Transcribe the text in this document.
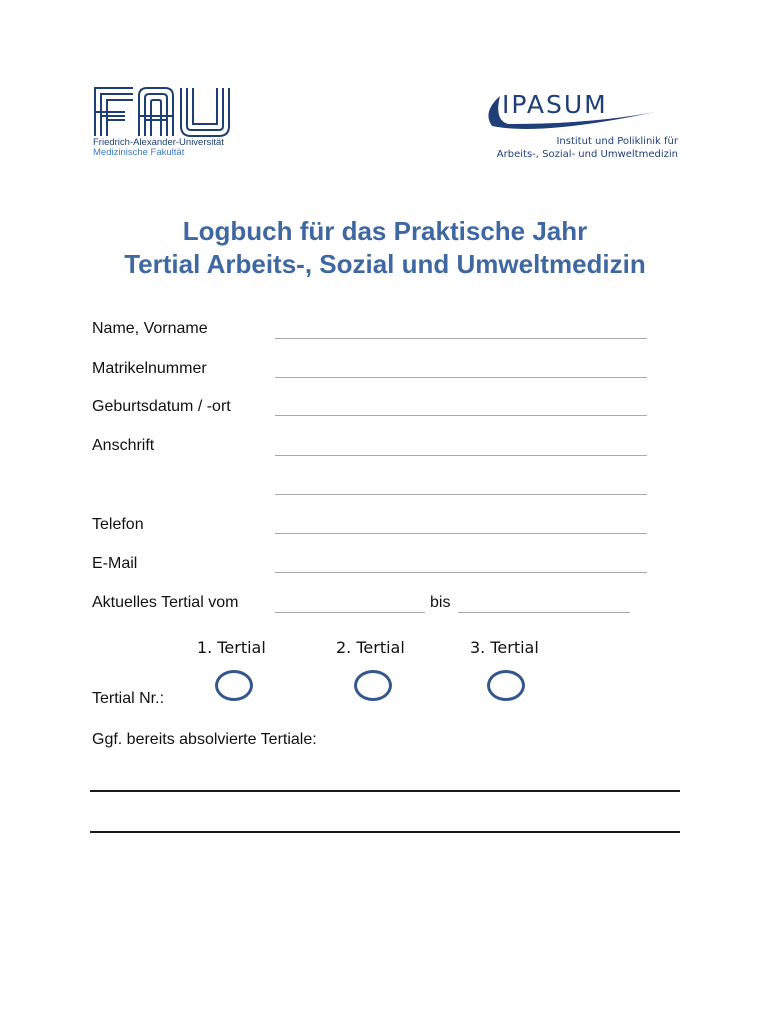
Friedrich-Alexander-Universität
Medizinische Fakultät
IPASUM
Institut und Poliklinik für
Arbeits-, Sozial- und Umweltmedizin
Logbuch für das Praktische Jahr
Tertial Arbeits-, Sozial und Umweltmedizin
Name, Vorname
Matrikelnummer
Geburtsdatum / -ort
Anschrift
Telefon
E-Mail
Aktuelles Tertial vom	bis
1. Tertial	2. Tertial	3. Tertial
Tertial Nr.:
Ggf. bereits absolvierte Tertiale:
